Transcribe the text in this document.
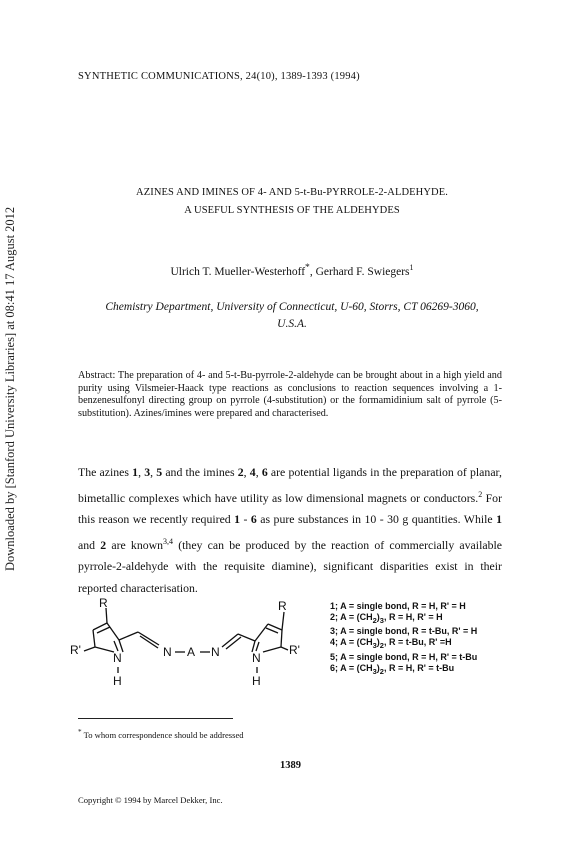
Downloaded by [Stanford University Libraries] at 08:41 17 August 2012
SYNTHETIC COMMUNICATIONS, 24(10), 1389-1393 (1994)
AZINES AND IMINES OF 4- AND 5-t-Bu-PYRROLE-2-ALDEHYDE.
A USEFUL SYNTHESIS OF THE ALDEHYDES
Ulrich T. Mueller-Westerhoff*, Gerhard F. Swiegers$^1$
Chemistry Department, University of Connecticut, U-60, Storrs, CT 06269-3060,
U.S.A.
Abstract: The preparation of 4- and 5-t-Bu-pyrrole-2-aldehyde can be brought about in a high yield and purity using Vilsmeier-Haack type reactions as conclusions to reaction sequences involving a 1-benzenesulfonyl directing group on pyrrole (4-substitution) or the formamidinium salt of pyrrole (5-substitution). Azines/imines were prepared and characterised.

The azines 1, 3, 5 and the imines 2, 4, 6 are potential ligands in the preparation of planar, bimetallic complexes which have utility as low dimensional magnets or conductors.$^2$ For this reason we recently required 1 - 6 as pure substances in 10 - 30 g quantities. While 1 and 2 are known$^{3,4}$ (they can be produced by the reaction of commercially available pyrrole-2-aldehyde with the requisite diamine), significant disparities exist in their reported characterisation.

R	R
R'	R'
N	N
H	H
N A N
1; A = single bond, R = H, R' = H
2; $A = (CH_2)_3$, R = H, R' = H
3; A = single bond, R = t-Bu, R' = H
4; $A = (CH_3)_2$, R = t-Bu, R' =H
5; A = single bond, R = H, R' = t-Bu
6; $A = (CH_3)_2$, R = H, R' = t-Bu
* To whom correspondence should be addressed
1389
Copyright © 1994 by Marcel Dekker, Inc.
